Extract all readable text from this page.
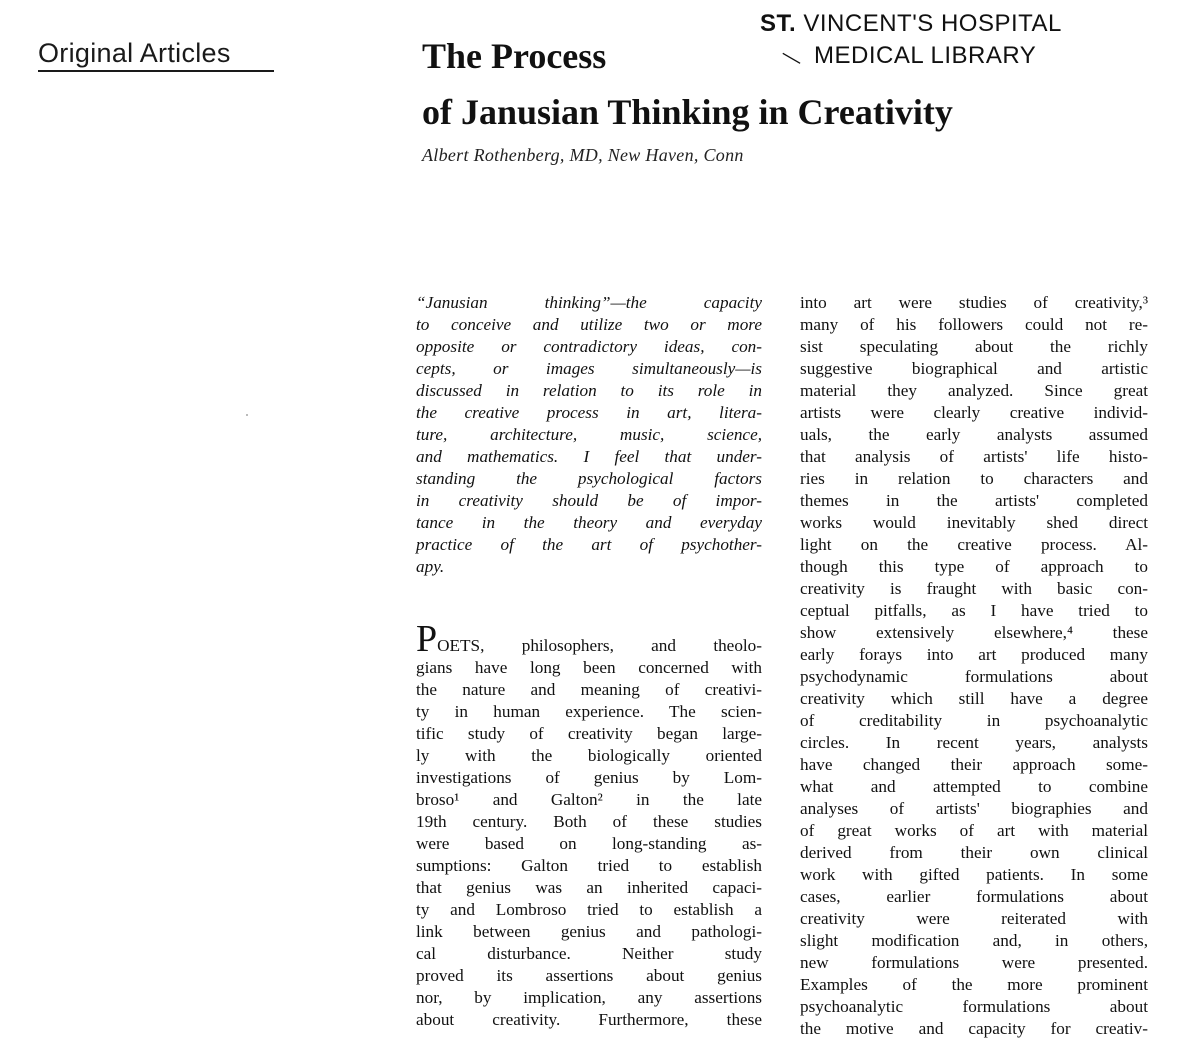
Original Articles	The Process
of Janusian Thinking in Creativity
ST. VINCENT'S HOSPITAL
— MEDICAL LIBRARY
Albert Rothenberg, MD, New Haven, Conn
“Janusian thinking”—the capacity
to conceive and utilize two or more
opposite or contradictory ideas, con-
cepts, or images simultaneously—is
discussed in relation to its role in
the creative process in art, litera-
ture, architecture, music, science,
and mathematics. I feel that under-
standing the psychological factors
in creativity should be of impor-
tance in the theory and everyday
practice of the art of psychother-
apy.
POETS, philosophers, and theolo-
gians have long been concerned with
the nature and meaning of creativi-
ty in human experience. The scien-
tific study of creativity began large-
ly with the biologically oriented
investigations of genius by Lom-
broso¹ and Galton² in the late
19th century. Both of these studies
were based on long-standing as-
sumptions: Galton tried to establish
that genius was an inherited capaci-
ty and Lombroso tried to establish a
link between genius and pathologi-
cal disturbance. Neither study
proved its assertions about genius
nor, by implication, any assertions
about creativity. Furthermore, these
into art were studies of creativity,³
many of his followers could not re-
sist speculating about the richly
suggestive biographical and artistic
material they analyzed. Since great
artists were clearly creative individ-
uals, the early analysts assumed
that analysis of artists' life histo-
ries in relation to characters and
themes in the artists' completed
works would inevitably shed direct
light on the creative process. Al-
though this type of approach to
creativity is fraught with basic con-
ceptual pitfalls, as I have tried to
show extensively elsewhere,⁴ these
early forays into art produced many
psychodynamic formulations about
creativity which still have a degree
of creditability in psychoanalytic
circles. In recent years, analysts
have changed their approach some-
what and attempted to combine
analyses of artists' biographies and
of great works of art with material
derived from their own clinical
work with gifted patients. In some
cases, earlier formulations about
creativity were reiterated with
slight modification and, in others,
new formulations were presented.
Examples of the more prominent
psychoanalytic formulations about
the motive and capacity for creativ-
